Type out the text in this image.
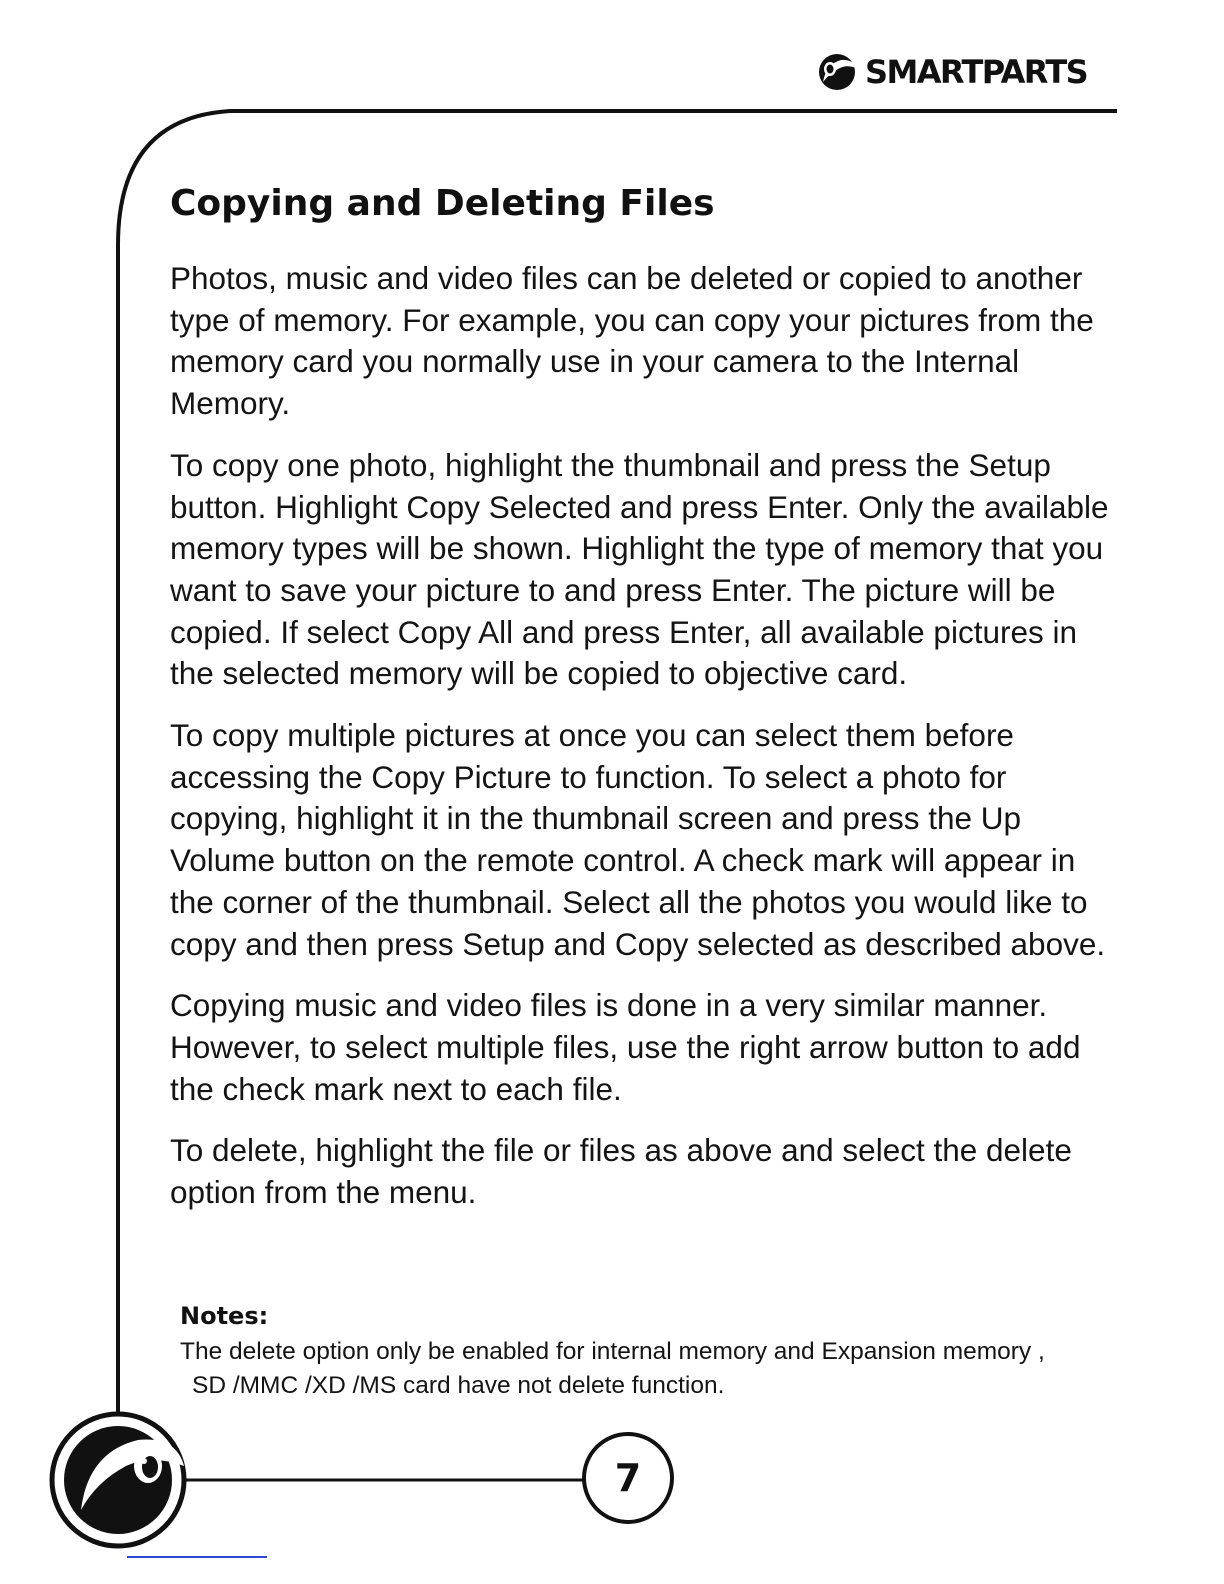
SMARTPARTS
Copying and Deleting Files

Photos, music and video files can be deleted or copied to another type of memory. For example, you can copy your pictures from the memory card you normally use in your camera to the Internal Memory.

To copy one photo, highlight the thumbnail and press the Setup button. Highlight Copy Selected and press Enter. Only the available memory types will be shown. Highlight the type of memory that you want to save your picture to and press Enter. The picture will be copied. If select Copy All and press Enter, all available pictures in the selected memory will be copied to objective card.

To copy multiple pictures at once you can select them before accessing the Copy Picture to function. To select a photo for copying, highlight it in the thumbnail screen and press the Up Volume button on the remote control. A check mark will appear in the corner of the thumbnail. Select all the photos you would like to copy and then press Setup and Copy selected as described above.

Copying music and video files is done in a very similar manner. However, to select multiple files, use the right arrow button to add the check mark next to each file.

To delete, highlight the file or files as above and select the delete option from the menu.

Notes:

The delete option only be enabled for internal memory and Expansion memory ,
SD /MMC /XD /MS card have not delete function.

7
